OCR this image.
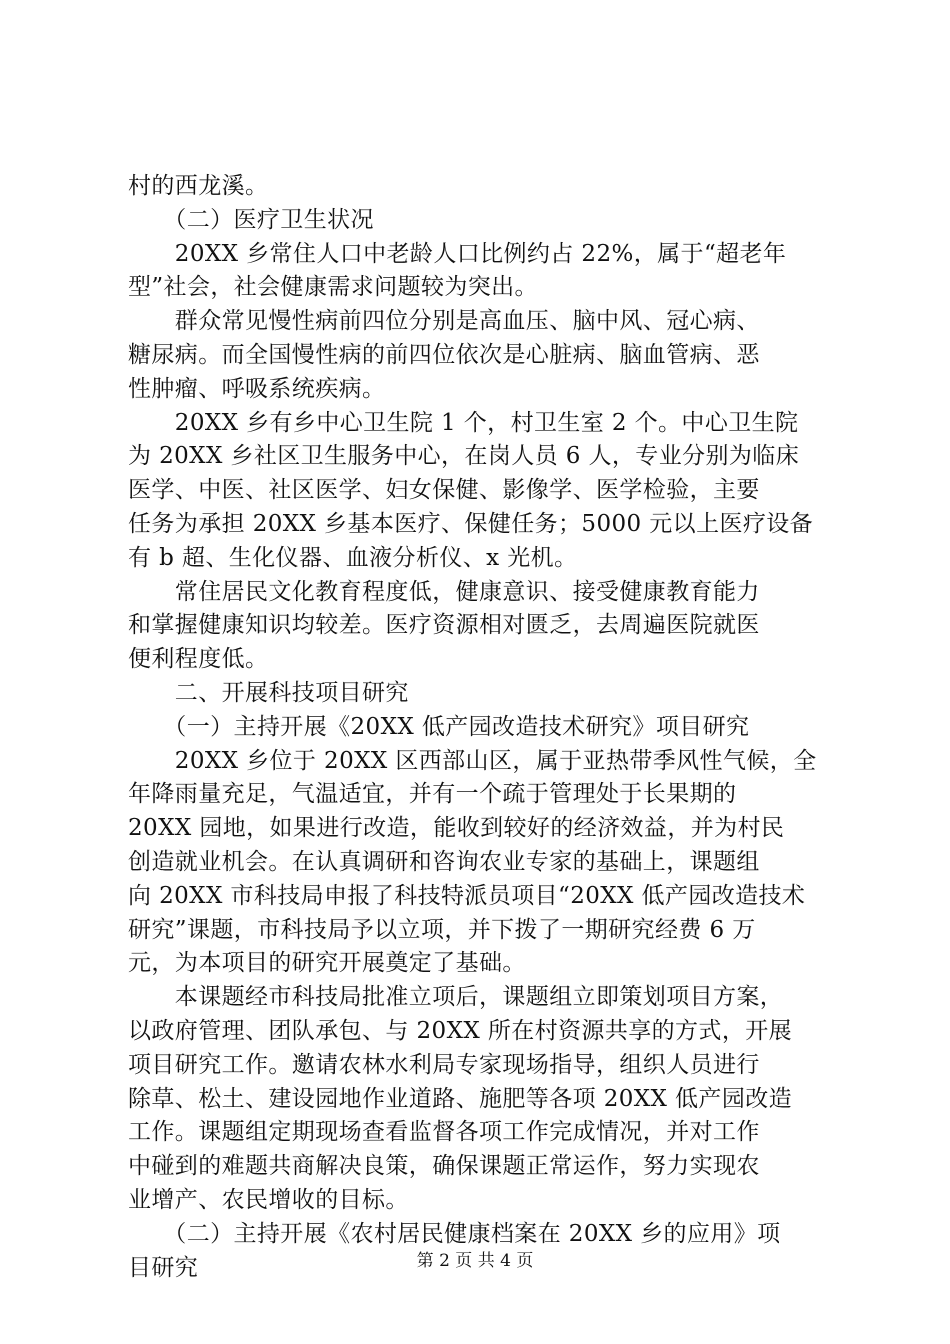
村的西龙溪。
　　（二）医疗卫生状况
　　20XX 乡常住人口中老龄人口比例约占 22%，属于“超老年
型”社会，社会健康需求问题较为突出。
　　群众常见慢性病前四位分别是高血压、脑中风、冠心病、
糖尿病。而全国慢性病的前四位依次是心脏病、脑血管病、恶
性肿瘤、呼吸系统疾病。
　　20XX 乡有乡中心卫生院 1 个，村卫生室 2 个。中心卫生院
为 20XX 乡社区卫生服务中心，在岗人员 6 人，专业分别为临床
医学、中医、社区医学、妇女保健、影像学、医学检验，主要
任务为承担 20XX 乡基本医疗、保健任务；5000 元以上医疗设备
有 b 超、生化仪器、血液分析仪、x 光机。
　　常住居民文化教育程度低，健康意识、接受健康教育能力
和掌握健康知识均较差。医疗资源相对匮乏，去周遍医院就医
便利程度低。
　　二、开展科技项目研究
　　（一）主持开展《20XX 低产园改造技术研究》项目研究
　　20XX 乡位于 20XX 区西部山区，属于亚热带季风性气候，全
年降雨量充足，气温适宜，并有一个疏于管理处于长果期的
20XX 园地，如果进行改造，能收到较好的经济效益，并为村民
创造就业机会。在认真调研和咨询农业专家的基础上，课题组
向 20XX 市科技局申报了科技特派员项目“20XX 低产园改造技术
研究”课题，市科技局予以立项，并下拨了一期研究经费 6 万
元，为本项目的研究开展奠定了基础。
　　本课题经市科技局批准立项后，课题组立即策划项目方案，
以政府管理、团队承包、与 20XX 所在村资源共享的方式，开展
项目研究工作。邀请农林水利局专家现场指导，组织人员进行
除草、松土、建设园地作业道路、施肥等各项 20XX 低产园改造
工作。课题组定期现场查看监督各项工作完成情况，并对工作
中碰到的难题共商解决良策，确保课题正常运作，努力实现农
业增产、农民增收的目标。
　　（二）主持开展《农村居民健康档案在 20XX 乡的应用》项
目研究	第 2 页 共 4 页
